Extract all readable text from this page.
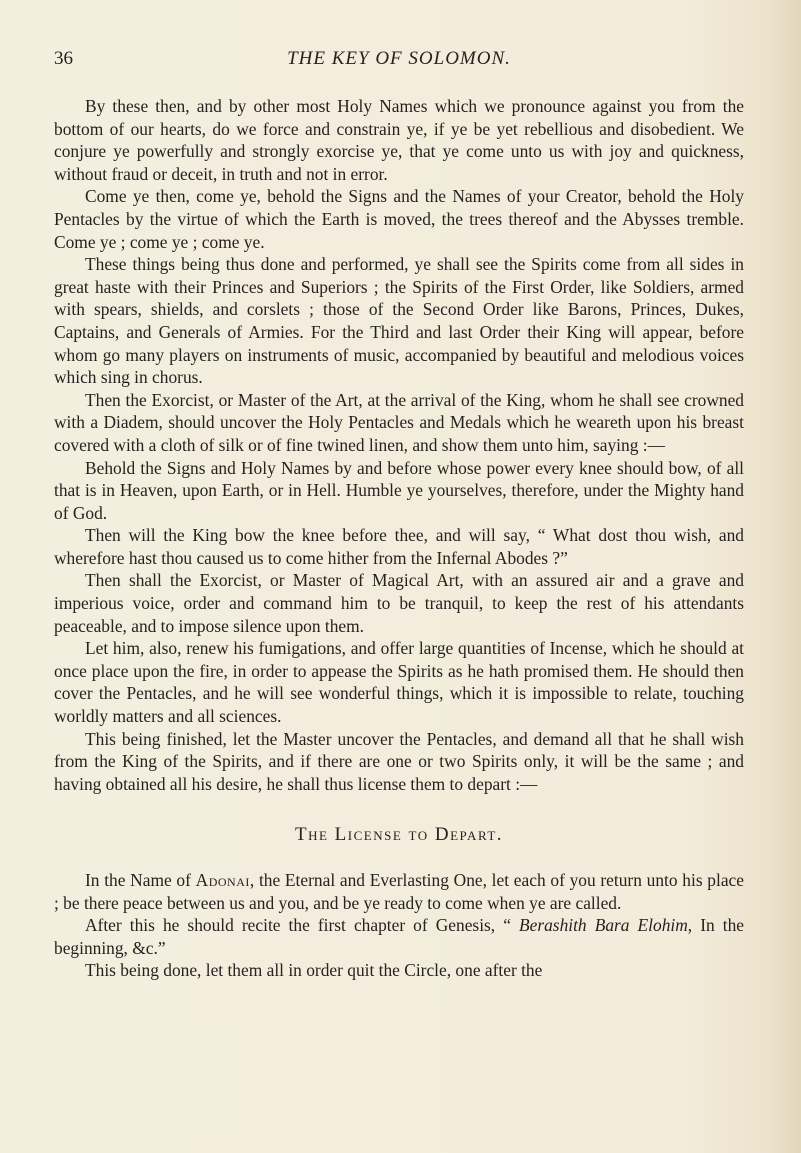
36	THE KEY OF SOLOMON.

By these then, and by other most Holy Names which we pronounce against you from the bottom of our hearts, do we force and constrain ye, if ye be yet rebellious and disobedient. We conjure ye powerfully and strongly exorcise ye, that ye come unto us with joy and quickness, without fraud or deceit, in truth and not in error.

Come ye then, come ye, behold the Signs and the Names of your Creator, behold the Holy Pentacles by the virtue of which the Earth is moved, the trees thereof and the Abysses tremble. Come ye ; come ye ; come ye.

These things being thus done and performed, ye shall see the Spirits come from all sides in great haste with their Princes and Superiors ; the Spirits of the First Order, like Soldiers, armed with spears, shields, and corslets ; those of the Second Order like Barons, Princes, Dukes, Captains, and Generals of Armies. For the Third and last Order their King will appear, before whom go many players on instruments of music, accompanied by beautiful and melodious voices which sing in chorus.

Then the Exorcist, or Master of the Art, at the arrival of the King, whom he shall see crowned with a Diadem, should uncover the Holy Pentacles and Medals which he weareth upon his breast covered with a cloth of silk or of fine twined linen, and show them unto him, saying :—

Behold the Signs and Holy Names by and before whose power every knee should bow, of all that is in Heaven, upon Earth, or in Hell. Humble ye yourselves, therefore, under the Mighty hand of God.

Then will the King bow the knee before thee, and will say, “ What dost thou wish, and wherefore hast thou caused us to come hither from the Infernal Abodes ?”

Then shall the Exorcist, or Master of Magical Art, with an assured air and a grave and imperious voice, order and command him to be tranquil, to keep the rest of his attendants peaceable, and to impose silence upon them.

Let him, also, renew his fumigations, and offer large quantities of Incense, which he should at once place upon the fire, in order to appease the Spirits as he hath promised them. He should then cover the Pentacles, and he will see wonderful things, which it is impossible to relate, touching worldly matters and all sciences.

This being finished, let the Master uncover the Pentacles, and demand all that he shall wish from the King of the Spirits, and if there are one or two Spirits only, it will be the same ; and having obtained all his desire, he shall thus license them to depart :—

The License to Depart.

In the Name of Adonai, the Eternal and Everlasting One, let each of you return unto his place ; be there peace between us and you, and be ye ready to come when ye are called.

After this he should recite the first chapter of Genesis, “ Berashith Bara Elohim, In the beginning, &c.”

This being done, let them all in order quit the Circle, one after the
